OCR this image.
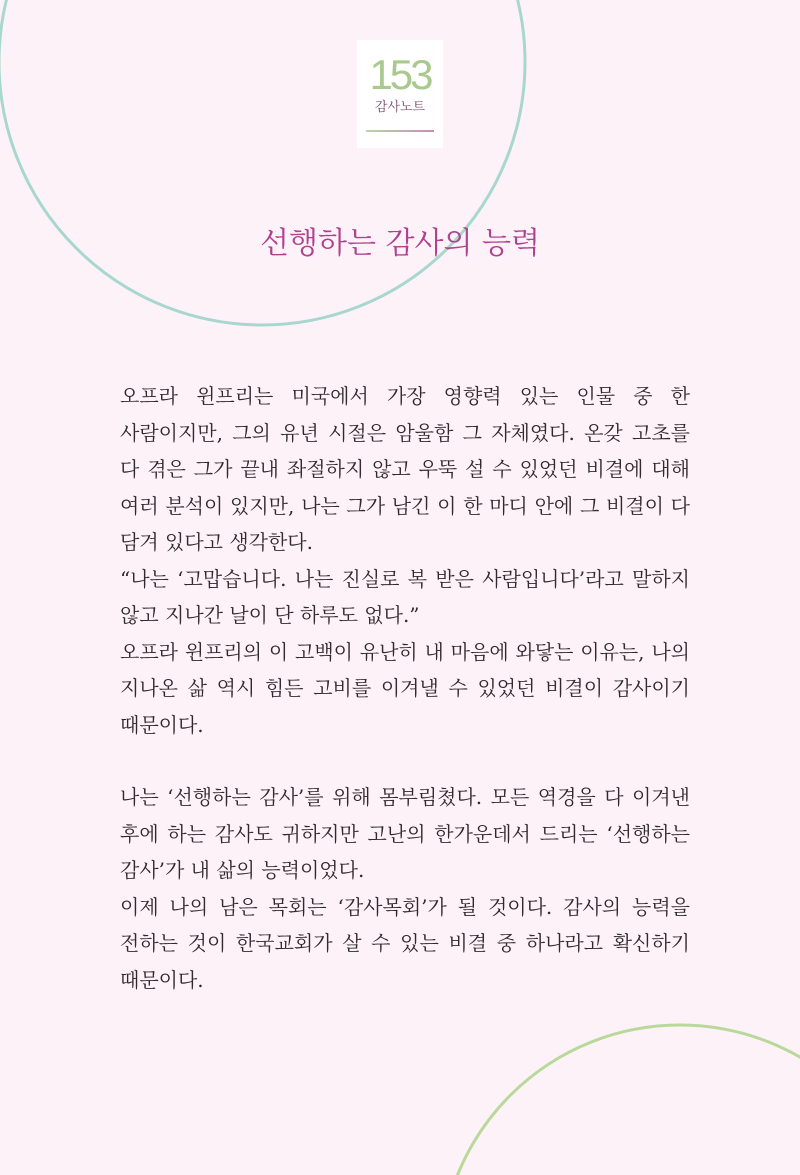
153
감사노트
선행하는 감사의 능력

오프라 윈프리는 미국에서 가장 영향력 있는 인물 중 한 사람이지만, 그의 유년 시절은 암울함 그 자체였다. 온갖 고초를 다 겪은 그가 끝내 좌절하지 않고 우뚝 설 수 있었던 비결에 대해 여러 분석이 있지만, 나는 그가 남긴 이 한 마디 안에 그 비결이 다 담겨 있다고 생각한다.

“나는 ‘고맙습니다. 나는 진실로 복 받은 사람입니다’라고 말하지 않고 지나간 날이 단 하루도 없다.”

오프라 윈프리의 이 고백이 유난히 내 마음에 와닿는 이유는, 나의 지나온 삶 역시 힘든 고비를 이겨낼 수 있었던 비결이 감사이기 때문이다.

나는 ‘선행하는 감사’를 위해 몸부림쳤다. 모든 역경을 다 이겨낸 후에 하는 감사도 귀하지만 고난의 한가운데서 드리는 ‘선행하는 감사’가 내 삶의 능력이었다.

이제 나의 남은 목회는 ‘감사목회’가 될 것이다. 감사의 능력을 전하는 것이 한국교회가 살 수 있는 비결 중 하나라고 확신하기 때문이다.
